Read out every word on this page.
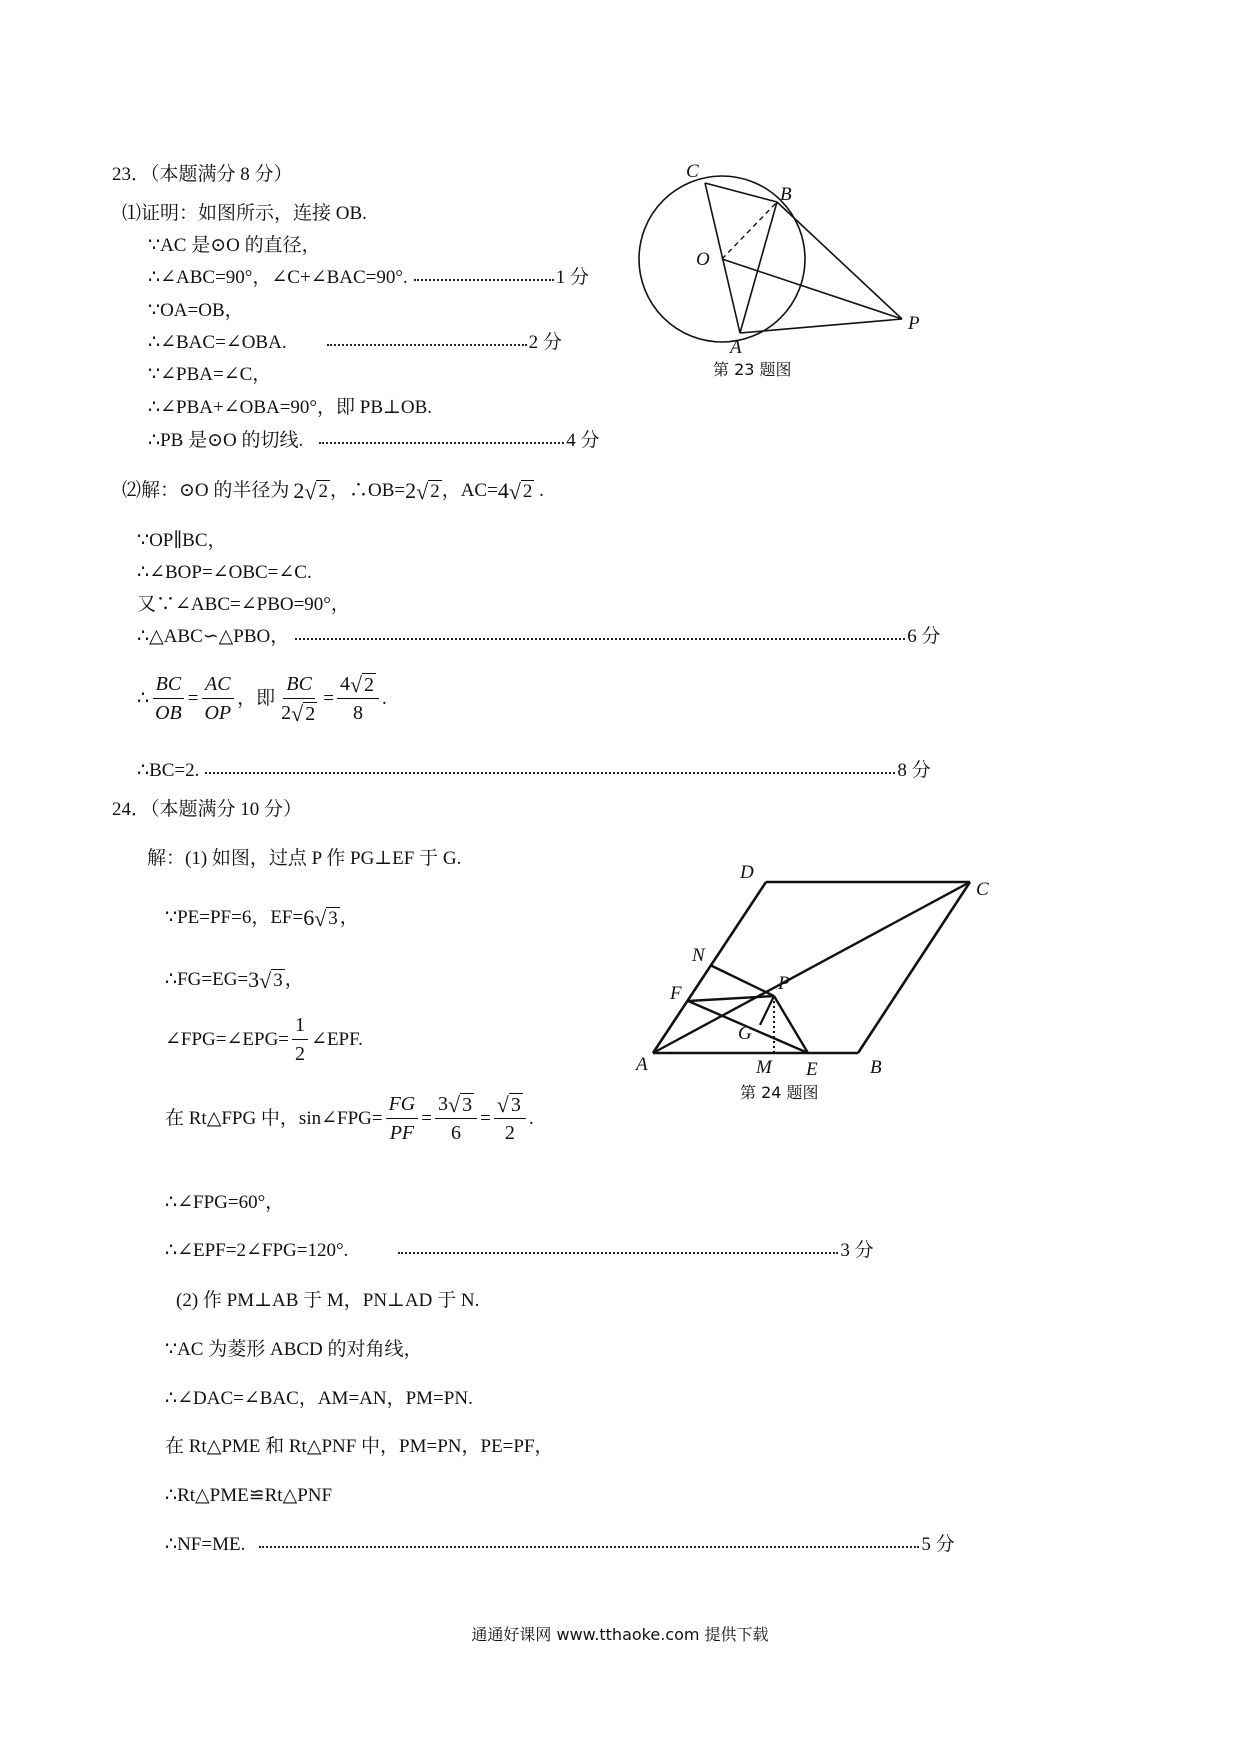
23．（本题满分 8 分）
⑴证明：如图所示，连接 OB.
∵AC 是⊙O 的直径，
∴∠ABC=90°，∠C+∠BAC=90°.	1 分
∵OA=OB，
∴∠BAC=∠OBA.	2 分
∵∠PBA=∠C，
∴∠PBA+∠OBA=90°，即 PB⊥OB.
∴PB 是⊙O 的切线.	4 分
C
B
O
A
P
第 23 题图
⑵解：⊙O 的半径为 2 √ 2 ，∴OB= 2 √ 2 ，AC= 4 √ 2 .
∵OP∥BC，
∴∠BOP=∠OBC=∠C.
又∵∠ABC=∠PBO=90°，
∴△ABC∽△PBO，	6 分
∴ $\frac{BC}{OB} = \frac{AC}{OP}$ ，即 $\frac{BC}{2 √ 2} = \frac{4 √ 2}{8}$ .
∴BC=2.	8 分
24．（本题满分 10 分）
解：(1) 如图，过点 P 作 PG⊥EF 于 G.
∵PE=PF=6，EF= 6 √ 3 ，
∴FG=EG= 3 √ 3 ，
∠FPG=∠EPG= $\frac{1}{2}$ ∠EPF.
在 Rt△FPG 中，sin∠FPG= $\frac{FG}{PF} = \frac{3 √ 3}{6} = \frac{√ 3}{2}$ .
∴∠FPG=60°，
∴∠EPF=2∠FPG=120°.	3 分
D
C
N
P
F
G
A	M E	B
第 24 题图
(2) 作 PM⊥AB 于 M，PN⊥AD 于 N.
∵AC 为菱形 ABCD 的对角线，
∴∠DAC=∠BAC，AM=AN，PM=PN.
在 Rt△PME 和 Rt△PNF 中，PM=PN，PE=PF，
∴Rt△PME≌Rt△PNF
∴NF=ME.	5 分
通通好课网 www.tthaoke.com 提供下载
